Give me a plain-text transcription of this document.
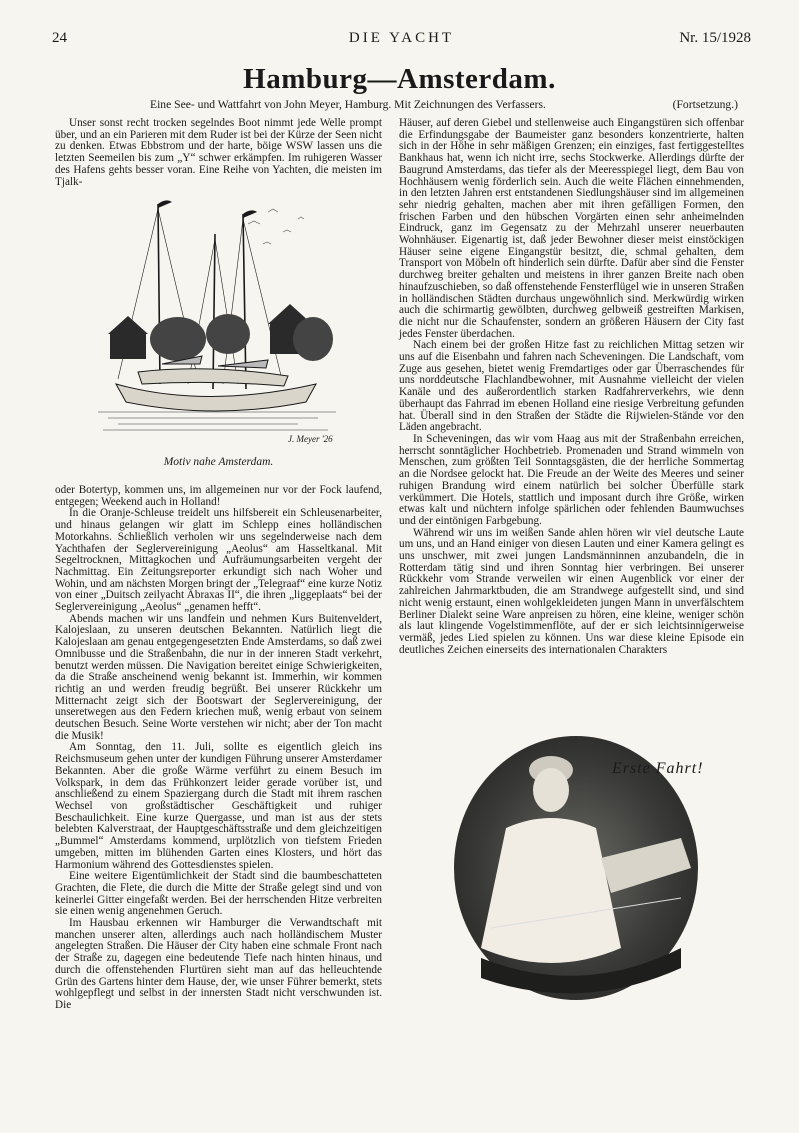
24	DIE YACHT	Nr. 15/1928
Hamburg—Amsterdam.
Eine See- und Wattfahrt von John Meyer, Hamburg. Mit Zeichnungen des Verfassers.	(Fortsetzung.)

Unser sonst recht trocken segelndes Boot nimmt jede Welle prompt über, und an ein Parieren mit dem Ruder ist bei der Kürze der Seen nicht zu denken. Etwas Ebbstrom und der harte, böige WSW lassen uns die letzten Seemeilen bis zum „Y“ schwer erkämpfen. Im ruhigeren Wasser des Hafens gehts besser voran. Eine Reihe von Yachten, die meisten im Tjalk-

J. Meyer '26
Motiv nahe Amsterdam.

oder Botertyp, kommen uns, im allgemeinen nur vor der Fock laufend, entgegen; Weekend auch in Holland!

In die Oranje-Schleuse treidelt uns hilfsbereit ein Schleusenarbeiter, und hinaus gelangen wir glatt im Schlepp eines holländischen Motorkahns. Schließlich verholen wir uns segelnderweise nach dem Yachthafen der Seglervereinigung „Aeolus“ am Hasseltkanal. Mit Segeltrocknen, Mittagkochen und Aufräumungsarbeiten vergeht der Nachmittag. Ein Zeitungsreporter erkundigt sich nach Woher und Wohin, und am nächsten Morgen bringt der „Telegraaf“ eine kurze Notiz von einer „Duitsch zeilyacht Abraxas II“, die ihren „liggeplaats“ bei der Seglervereinigung „Aeolus“ „genamen hefft“.

Abends machen wir uns landfein und nehmen Kurs Buitenveldert, Kalojeslaan, zu unseren deutschen Bekannten. Natürlich liegt die Kalojeslaan am genau entgegengesetzten Ende Amsterdams, so daß zwei Omnibusse und die Straßenbahn, die nur in der inneren Stadt verkehrt, benutzt werden müssen. Die Navigation bereitet einige Schwierigkeiten, da die Straße anscheinend wenig bekannt ist. Immerhin, wir kommen richtig an und werden freudig begrüßt. Bei unserer Rückkehr um Mitternacht zeigt sich der Bootswart der Seglervereinigung, der unseretwegen aus den Federn kriechen muß, wenig erbaut von seinem deutschen Besuch. Seine Worte verstehen wir nicht; aber der Ton macht die Musik!

Am Sonntag, den 11. Juli, sollte es eigentlich gleich ins Reichsmuseum gehen unter der kundigen Führung unserer Amsterdamer Bekannten. Aber die große Wärme verführt zu einem Besuch im Volkspark, in dem das Frühkonzert leider gerade vorüber ist, und anschließend zu einem Spaziergang durch die Stadt mit ihrem raschen Wechsel von großstädtischer Geschäftigkeit und ruhiger Beschaulichkeit. Eine kurze Quergasse, und man ist aus der stets belebten Kalverstraat, der Hauptgeschäftsstraße und dem gleichzeitigen „Bummel“ Amsterdams kommend, urplötzlich von tiefstem Frieden umgeben, mitten im blühenden Garten eines Klosters, und hört das Harmonium während des Gottesdienstes spielen.

Eine weitere Eigentümlichkeit der Stadt sind die baumbeschatteten Grachten, die Flete, die durch die Mitte der Straße gelegt sind und von keinerlei Gitter eingefaßt werden. Bei der herrschenden Hitze verbreiten sie einen wenig angenehmen Geruch.

Im Hausbau erkennen wir Hamburger die Verwandtschaft mit manchen unserer alten, allerdings auch nach holländischem Muster angelegten Straßen. Die Häuser der City haben eine schmale Front nach der Straße zu, dagegen eine bedeutende Tiefe nach hinten hinaus, und durch die offenstehenden Flurtüren sieht man auf das helleuchtende Grün des Gartens hinter dem Hause, der, wie unser Führer bemerkt, stets wohlgepflegt und selbst in der innersten Stadt nicht verschwunden ist. Die

Häuser, auf deren Giebel und stellenweise auch Eingangstüren sich offenbar die Erfindungsgabe der Baumeister ganz besonders konzentrierte, halten sich in der Höhe in sehr mäßigen Grenzen; ein einziges, fast fertiggestelltes Bankhaus hat, wenn ich nicht irre, sechs Stockwerke. Allerdings dürfte der Baugrund Amsterdams, das tiefer als der Meeresspiegel liegt, dem Bau von Hochhäusern wenig förderlich sein. Auch die weite Flächen einnehmenden, in den letzten Jahren erst entstandenen Siedlungshäuser sind im allgemeinen sehr niedrig gehalten, machen aber mit ihren gefälligen Formen, den frischen Farben und den hübschen Vorgärten einen sehr anheimelnden Eindruck, ganz im Gegensatz zu der Mehrzahl unserer neuerbauten Wohnhäuser. Eigenartig ist, daß jeder Bewohner dieser meist einstöckigen Häuser seine eigene Eingangstür besitzt, die, schmal gehalten, dem Transport von Möbeln oft hinderlich sein dürfte. Dafür aber sind die Fenster durchweg breiter gehalten und meistens in ihrer ganzen Breite nach oben hinaufzuschieben, so daß offenstehende Fensterflügel wie in unseren Straßen in holländischen Städten durchaus ungewöhnlich sind. Merkwürdig wirken auch die schirmartig gewölbten, durchweg gelbweiß gestreiften Markisen, die nicht nur die Schaufenster, sondern an größeren Häusern der City fast jedes Fenster überdachen.

Nach einem bei der großen Hitze fast zu reichlichen Mittag setzen wir uns auf die Eisenbahn und fahren nach Scheveningen. Die Landschaft, vom Zuge aus gesehen, bietet wenig Fremdartiges oder gar Überraschendes für uns norddeutsche Flachlandbewohner, mit Ausnahme vielleicht der vielen Kanäle und des außerordentlich starken Radfahrerverkehrs, wie denn überhaupt das Fahrrad im ebenen Holland eine riesige Verbreitung gefunden hat. Überall sind in den Straßen der Städte die Rijwielen-Stände vor den Läden angebracht.

In Scheveningen, das wir vom Haag aus mit der Straßenbahn erreichen, herrscht sonntäglicher Hochbetrieb. Promenaden und Strand wimmeln von Menschen, zum größten Teil Sonntagsgästen, die der herrliche Sommertag an die Nordsee gelockt hat. Die Freude an der Weite des Meeres und seiner ruhigen Brandung wird einem natürlich bei solcher Überfülle stark verkümmert. Die Hotels, stattlich und imposant durch ihre Größe, wirken etwas kalt und nüchtern infolge spärlichen oder fehlenden Baumwuchses und der eintönigen Farbgebung.

Während wir uns im weißen Sande ahlen hören wir viel deutsche Laute um uns, und an Hand einiger von diesen Lauten und einer Kamera gelingt es uns unschwer, mit zwei jungen Landsmänninnen anzubandeln, die in Rotterdam tätig sind und ihren Sonntag hier verbringen. Bei unserer Rückkehr vom Strande verweilen wir einen Augenblick vor einer der zahlreichen Jahrmarktbuden, die am Strandwege aufgestellt sind, und sind nicht wenig erstaunt, einen wohlgekleideten jungen Mann in unverfälschtem Berliner Dialekt seine Ware anpreisen zu hören, eine kleine, weniger schön als laut klingende Vogelstimmenflöte, auf der er sich leichtsinnigerweise vermäß, jedes Lied spielen zu können. Uns war diese kleine Episode ein deutliches Zeichen einerseits des internationalen Charakters

Erste Fahrt!
